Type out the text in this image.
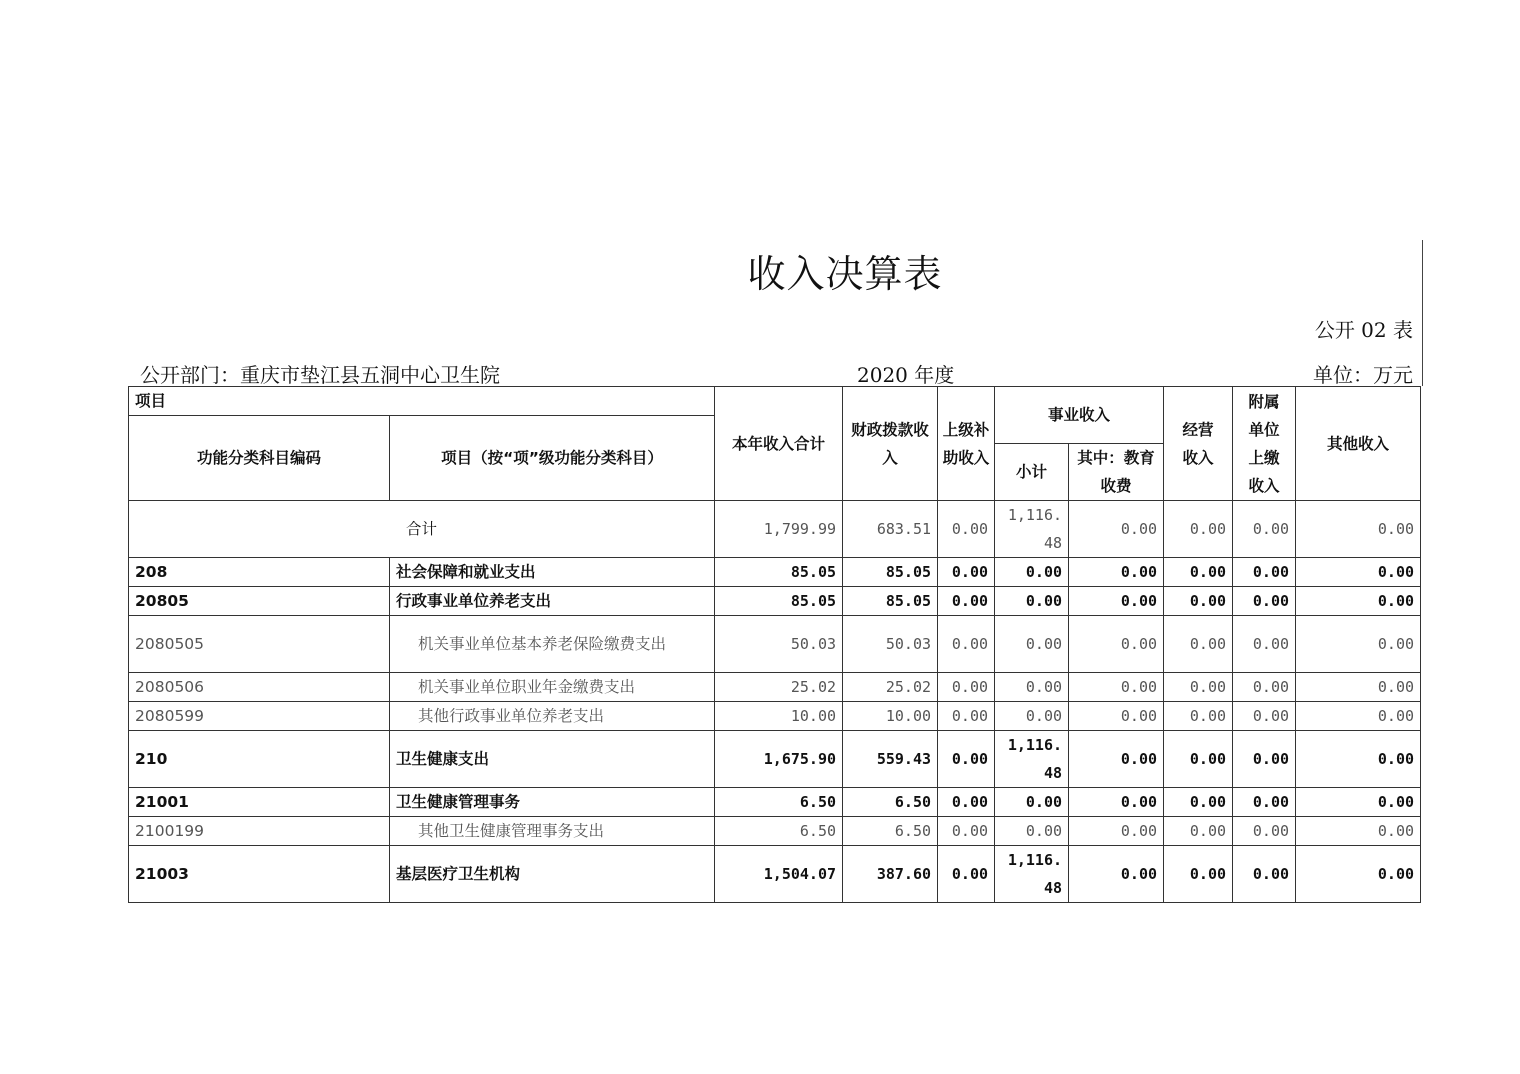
收入决算表
公开 02 表
公开部门：重庆市垫江县五洞中心卫生院	2020 年度	单位：万元
项目		本年收入合计	财政拨款收入	上级补助收入	事业收入		经营收入	附属单位上缴收入	其他收入
功能分类科目编码	项目（按“项”级功能分类科目）								
					小计	其中：教育收费			
合计		1,799.99	683.51	0.00	1,116.48	0.00	0.00	0.00	0.00
208	社会保障和就业支出	85.05	85.05	0.00	0.00	0.00	0.00	0.00	0.00
20805	行政事业单位养老支出	85.05	85.05	0.00	0.00	0.00	0.00	0.00	0.00
2080505	机关事业单位基本养老保险缴费支出	50.03	50.03	0.00	0.00	0.00	0.00	0.00	0.00
2080506	机关事业单位职业年金缴费支出	25.02	25.02	0.00	0.00	0.00	0.00	0.00	0.00
2080599	其他行政事业单位养老支出	10.00	10.00	0.00	0.00	0.00	0.00	0.00	0.00
210	卫生健康支出	1,675.90	559.43	0.00	1,116.48	0.00	0.00	0.00	0.00
21001	卫生健康管理事务	6.50	6.50	0.00	0.00	0.00	0.00	0.00	0.00
2100199	其他卫生健康管理事务支出	6.50	6.50	0.00	0.00	0.00	0.00	0.00	0.00
21003	基层医疗卫生机构	1,504.07	387.60	0.00	1,116.48	0.00	0.00	0.00	0.00
